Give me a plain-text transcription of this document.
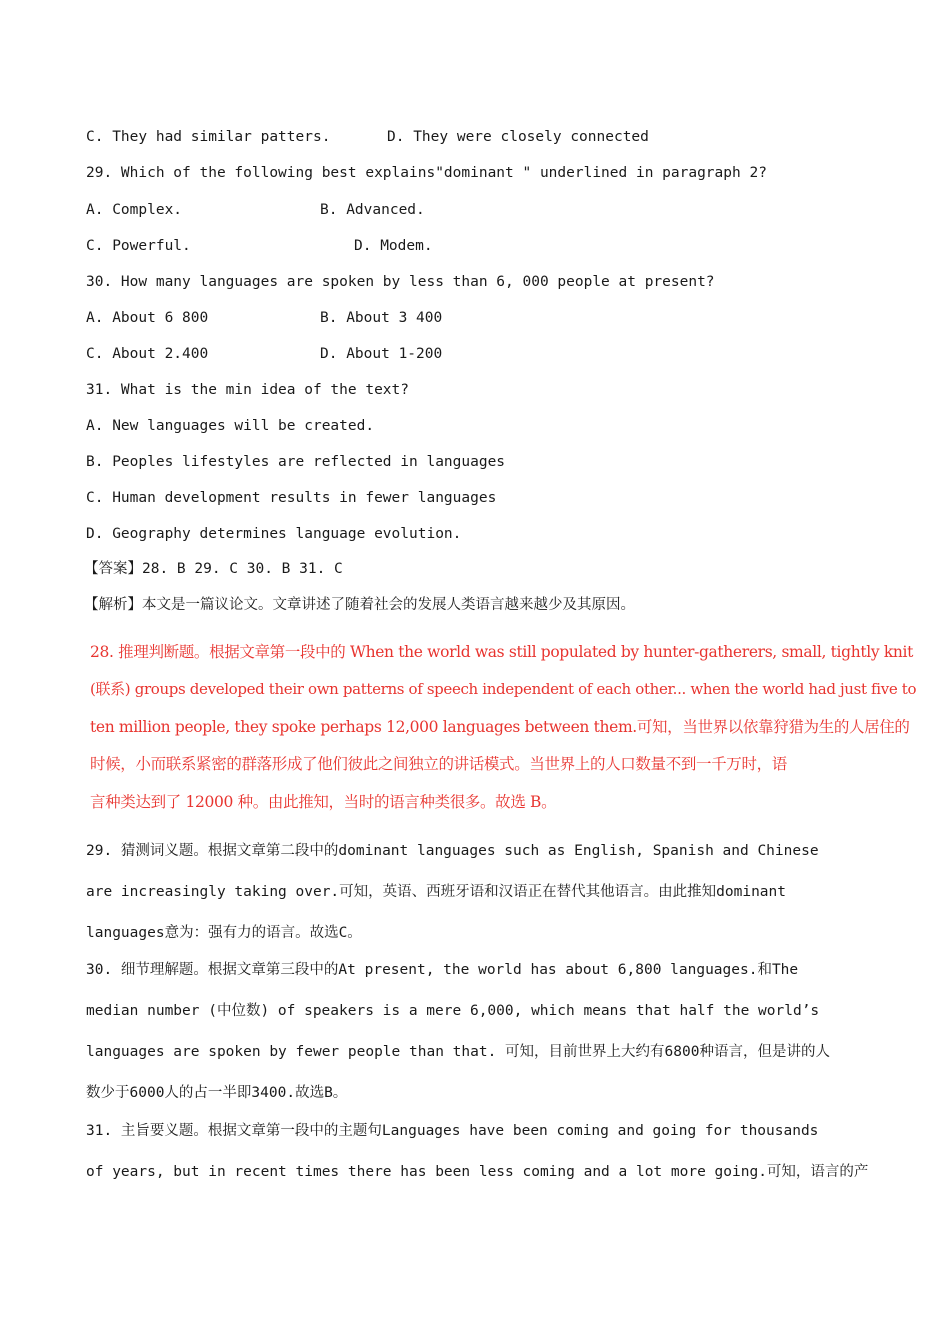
C. They had similar patters.	D. They were closely connected
29. Which of the following best explains"dominant " underlined in paragraph 2?
A. Complex.	B. Advanced.
C. Powerful.	D. Modem.
30. How many languages are spoken by less than 6, 000 people at present?
A. About 6 800	B. About 3 400
C. About 2.400	D. About 1-200
31. What is the min idea of the text?
A. New languages will be created.
B. Peoples lifestyles are reflected in languages
C. Human development results in fewer languages
D. Geography determines language evolution.
【答案】28. B 29. C 30. B 31. C
【解析】本文是一篇议论文。文章讲述了随着社会的发展人类语言越来越少及其原因。
28. 推理判断题。根据文章第一段中的 When the world was still populated by hunter-gatherers, small, tightly knit
(联系) groups developed their own patterns of speech independent of each other... when the world had just five to
ten million people, they spoke perhaps 12,000 languages between them.可知，当世界以依靠狩猎为生的人居住的
时候，小而联系紧密的群落形成了他们彼此之间独立的讲话模式。当世界上的人口数量不到一千万时，语
言种类达到了 12000 种。由此推知，当时的语言种类很多。故选 B。
29. 猜测词义题。根据文章第二段中的dominant languages such as English, Spanish and Chinese
are increasingly taking over.可知，英语、西班牙语和汉语正在替代其他语言。由此推知dominant
languages意为：强有力的语言。故选C。
30. 细节理解题。根据文章第三段中的At present, the world has about 6,800 languages.和The
median number (中位数) of speakers is a mere 6,000, which means that half the world’s
languages are spoken by fewer people than that. 可知，目前世界上大约有6800种语言，但是讲的人
数少于6000人的占一半即3400.故选B。
31. 主旨要义题。根据文章第一段中的主题句Languages have been coming and going for thousands
of years, but in recent times there has been less coming and a lot more going.可知，语言的产
